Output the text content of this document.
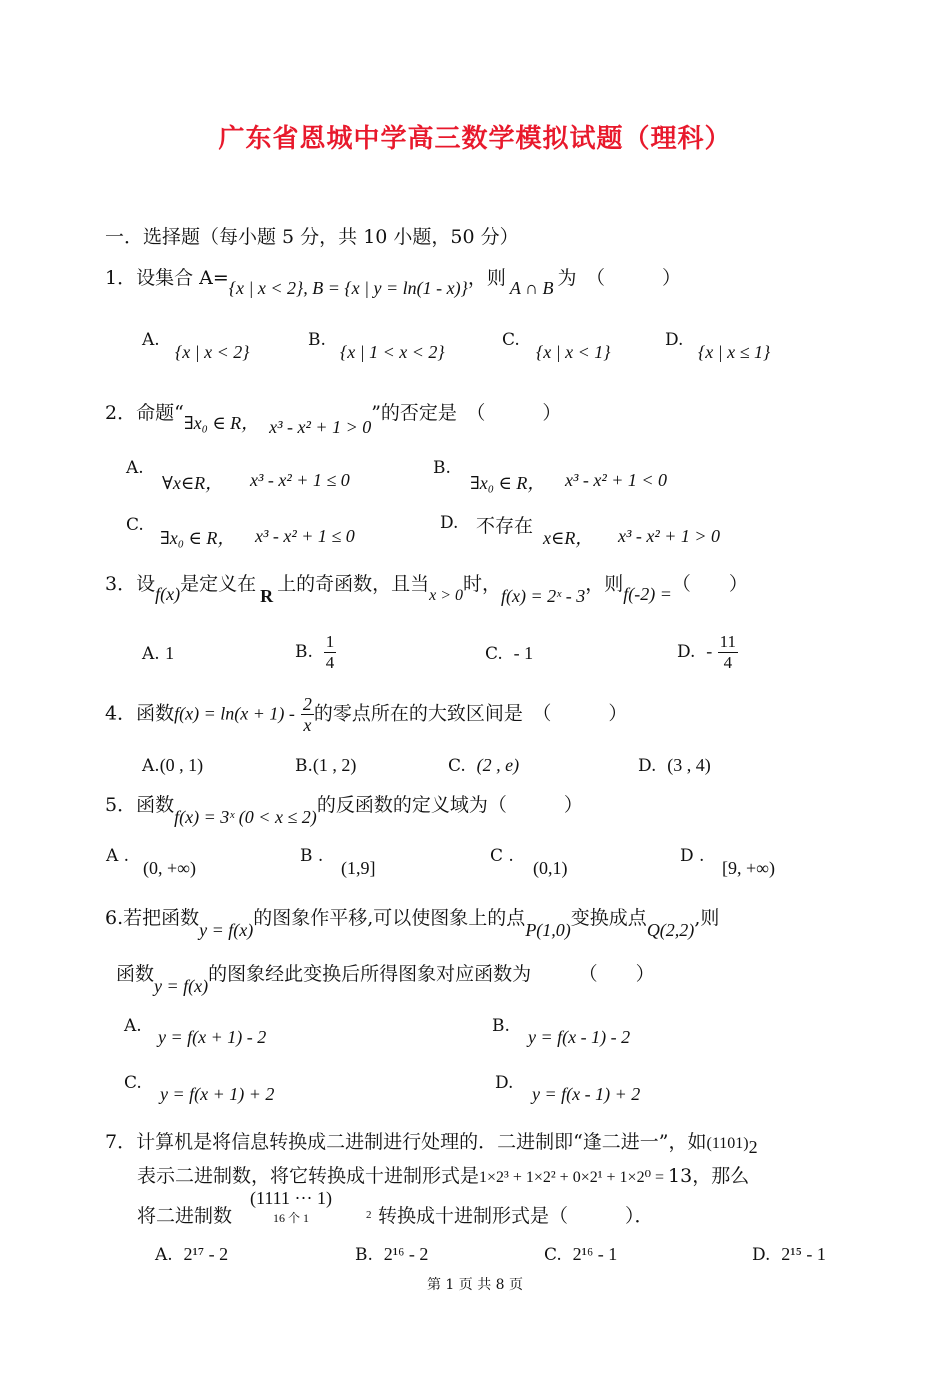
广东省恩城中学高三数学模拟试题（理科）
一．选择题（每小题 5 分，共 10 小题，50 分）
1．设集合 A={x | x < 2}, B = {x | y = ln(1 - x)}，则 A ∩ B 为　（　　　）
A.
{x | x < 2}
B.
{x | 1 < x < 2}
C.
{x | x < 1}
D.
{x | x ≤ 1}
2．命题“∃x₀ ∈ R， x³ - x² + 1 > 0”的否定是　（　　　）
A.
∀x∈R， x³ - x² + 1 ≤ 0
B.
∃x₀ ∈ R， x³ - x² + 1 < 0
C.
∃x₀ ∈ R， x³ - x² + 1 ≤ 0
D. 不存在
x∈R， x³ - x² + 1 > 0
3．设f(x)是定义在R上的奇函数，且当$_{x > 0}$时，f(x) = 2ˣ - 3，则f(-2) =（　　）
A. 1	B. $\frac{1}{4}$	C. - 1	D. - $\frac{11}{4}$
4．函数$f(x) = \ln(x + 1) - \frac{2}{x}$ 的零点所在的大致区间是　（　　　）
A.(0 , 1)	B.(1 , 2)	C. (2 , e)	D. (3 , 4)
5．函数f(x) = 3ˣ (0 < x ≤ 2)的反函数的定义域为（　　　）
A .
(0, +∞)
B .
(1,9]
C .
(0,1)
D .
[9, +∞)
6.若把函数y = f(x)的图象作平移,可以使图象上的点P(1,0)变换成点Q(2,2),则
函数y = f(x)的图象经此变换后所得图象对应函数为　　　（　　）
A.
y = f(x + 1) - 2
B.
y = f(x - 1) - 2
C.
y = f(x + 1) + 2
D.
y = f(x - 1) + 2
7．计算机是将信息转换成二进制进行处理的．二进制即“逢二进一”，如$(1101)_2$
表示二进制数，将它转换成十进制形式是1×2³ + 1×2² + 0×2¹ + 1×2⁰ = 13，那么
将二进制数
(1111 ··· 1)
16 个 1	2 转换成十进制形式是（　　　）．
A. 2¹⁷ - 2	B. 2¹⁶ - 2	C. 2¹⁶ - 1	D. 2¹⁵ - 1
第 1 页 共 8 页
